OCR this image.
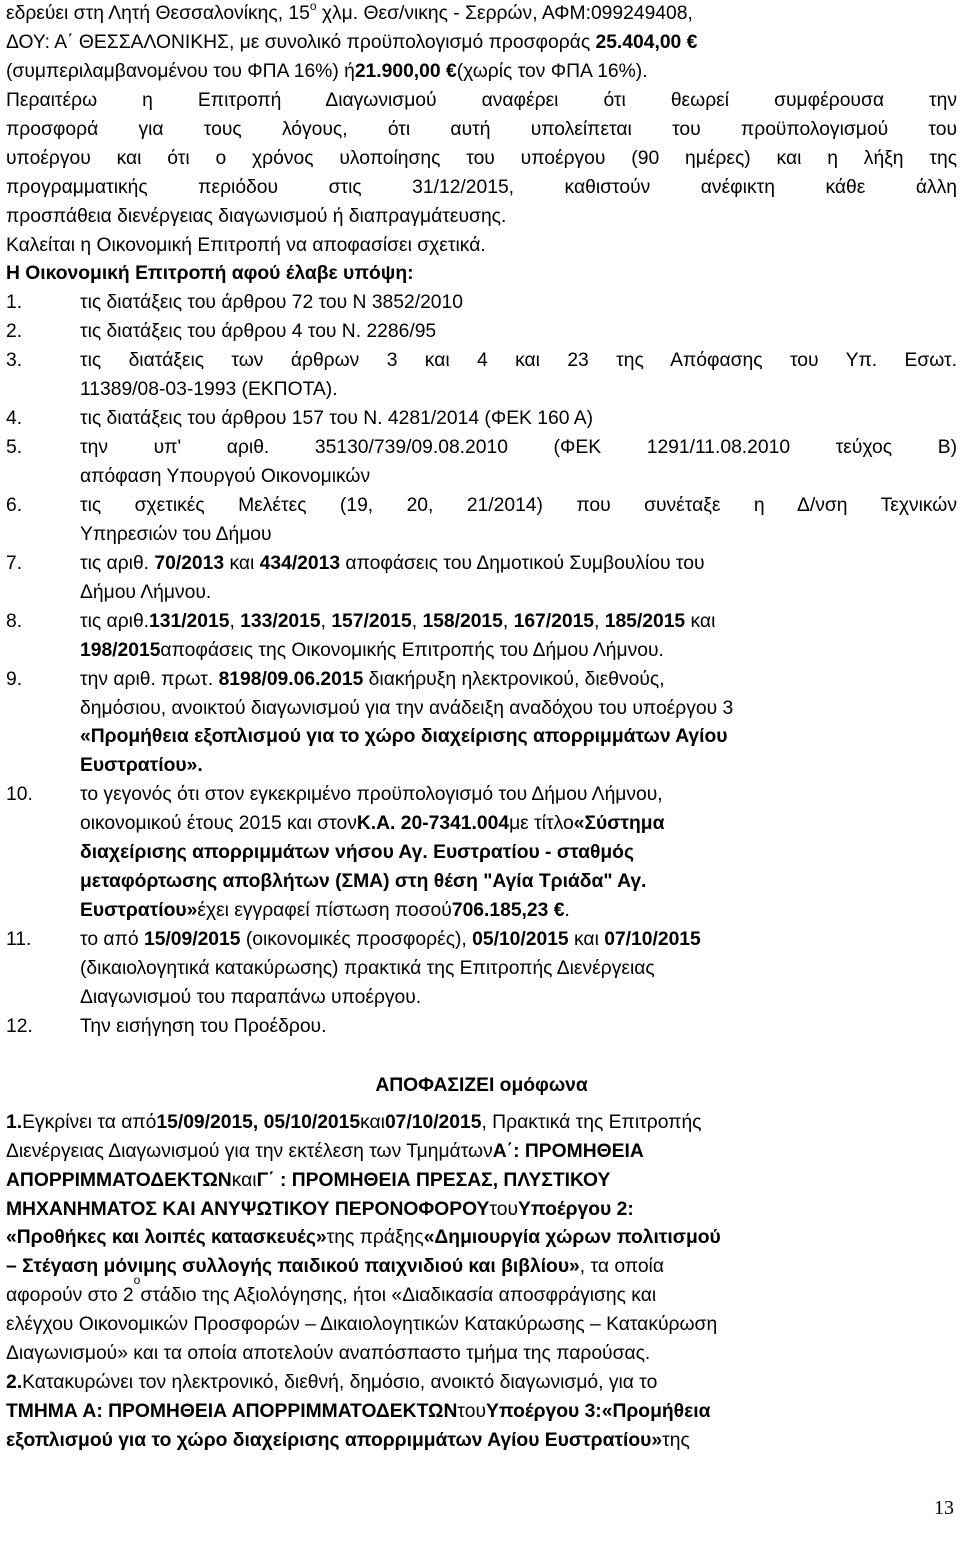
εδρεύει στη Λητή Θεσσαλονίκης, $15^o$ χλμ. Θεσ/νικης - Σερρών, ΑΦΜ:099249408,
ΔΟΥ: Α΄ ΘΕΣΣΑΛΟΝΙΚΗΣ, με συνολικό προϋπολογισμό προσφοράς 25.404,00 €
(συμπεριλαμβανομένου του ΦΠΑ 16%) ή 21.900,00
€ (χωρίς τον ΦΠΑ 16%).
Περαιτέρω η Επιτροπή Διαγωνισμού αναφέρει ότι θεωρεί συμφέρουσα την
προσφορά για τους λόγους, ότι αυτή υπολείπεται του προϋπολογισμού του
υποέργου και ότι ο χρόνος υλοποίησης του υποέργου (90 ημέρες) και η λήξη της
προγραμματικής περιόδου στις 31/12/2015, καθιστούν ανέφικτη κάθε άλλη
προσπάθεια διενέργειας διαγωνισμού ή διαπραγμάτευσης.
Καλείται η Οικονομική Επιτροπή να αποφασίσει σχετικά.
Η Οικονομική Επιτροπή αφού έλαβε υπόψη:
1.	τις διατάξεις του άρθρου 72 του Ν 3852/2010
2.	τις διατάξεις του άρθρου 4 του Ν. 2286/95
3.	τις διατάξεις των άρθρων 3 και 4 και 23 της Απόφασης του Υπ. Εσωτ.
11389/08-03-1993 (ΕΚΠΟΤΑ).
4.	τις διατάξεις του άρθρου 157 του Ν. 4281/2014 (ΦΕΚ 160 Α)
5.	την υπ' αριθ. 35130/739/09.08.2010 (ΦΕΚ 1291/11.08.2010 τεύχος Β)
απόφαση Υπουργού Οικονομικών
6.	τις σχετικές Μελέτες (19, 20, 21/2014) που συνέταξε η Δ/νση Τεχνικών
Υπηρεσιών του Δήμου
7.	τις αριθ. 70/2013 και 434/2013 αποφάσεις του Δημοτικού Συμβουλίου του
Δήμου Λήμνου.
8.	τις αριθ.131/2015, 133/2015, 157/2015, 158/2015, 167/2015, 185/2015 και
198/2015 αποφάσεις της Οικονομικής Επιτροπής του Δήμου Λήμνου.
9.	την αριθ. πρωτ. 8198/09.06.2015 διακήρυξη ηλεκτρονικού, διεθνούς,
δημόσιου, ανοικτού διαγωνισμού για την ανάδειξη αναδόχου του υποέργου 3
«Προμήθεια εξοπλισμού για το χώρο διαχείρισης απορριμμάτων Αγίου
Ευστρατίου».
10.	το γεγονός ότι στον εγκεκριμένο προϋπολογισμό του Δήμου Λήμνου,
οικονομικού έτους 2015 και στον Κ.Α. 20-7341.004 με τίτλο «Σύστημα
διαχείρισης απορριμμάτων νήσου Αγ. Ευστρατίου - σταθμός
μεταφόρτωσης αποβλήτων (ΣΜΑ) στη θέση "Αγία Τριάδα" Αγ.
Ευστρατίου» έχει εγγραφεί πίστωση ποσού 706.185,23
€ .
11.	το από 15/09/2015 (οικονομικές προσφορές), 05/10/2015 και 07/10/2015
(δικαιολογητικά κατακύρωσης) πρακτικά της Επιτροπής Διενέργειας
Διαγωνισμού του παραπάνω υποέργου.
12.	Την εισήγηση του Προέδρου.
ΑΠΟΦΑΣΙΖΕΙ ομόφωνα
1. Εγκρίνει τα από 15/09/2015, 05/10/2015 και 07/10/2015 , Πρακτικά της Επιτροπής
Διενέργειας Διαγωνισμού για την εκτέλεση των Τμημάτων Α΄: ΠΡΟΜΗΘΕΙΑ
ΑΠΟΡΡΙΜΜΑΤΟΔΕΚΤΩΝ και Γ΄ : ΠΡΟΜΗΘΕΙΑ ΠΡΕΣΑΣ, ΠΛΥΣΤΙΚΟΥ
ΜΗΧΑΝΗΜΑΤΟΣ ΚΑΙ ΑΝΥΨΩΤΙΚΟΥ ΠΕΡΟΝΟΦΟΡΟΥ του Υποέργου 2:
«Προθήκες και λοιπές κατασκευές» της πράξης «Δημιουργία χώρων πολιτισμού
– Στέγαση μόνιμης συλλογής παιδικού παιχνιδιού και βιβλίου» , τα οποία
αφορούν στο 2
$^o$
στάδιο της Αξιολόγησης, ήτοι «Διαδικασία αποσφράγισης και
ελέγχου Οικονομικών Προσφορών – Δικαιολογητικών Κατακύρωσης – Κατακύρωση
Διαγωνισμού» και τα οποία αποτελούν αναπόσπαστο τμήμα της παρούσας.
2. Κατακυρώνει τον ηλεκτρονικό, διεθνή, δημόσιο, ανοικτό διαγωνισμό, για το
ΤΜΗΜΑ Α: ΠΡΟΜΗΘΕΙΑ ΑΠΟΡΡΙΜΜΑΤΟΔΕΚΤΩΝ του Υποέργου 3: «Προμήθεια
εξοπλισμού για το χώρο διαχείρισης απορριμμάτων Αγίου Ευστρατίου» της
13
